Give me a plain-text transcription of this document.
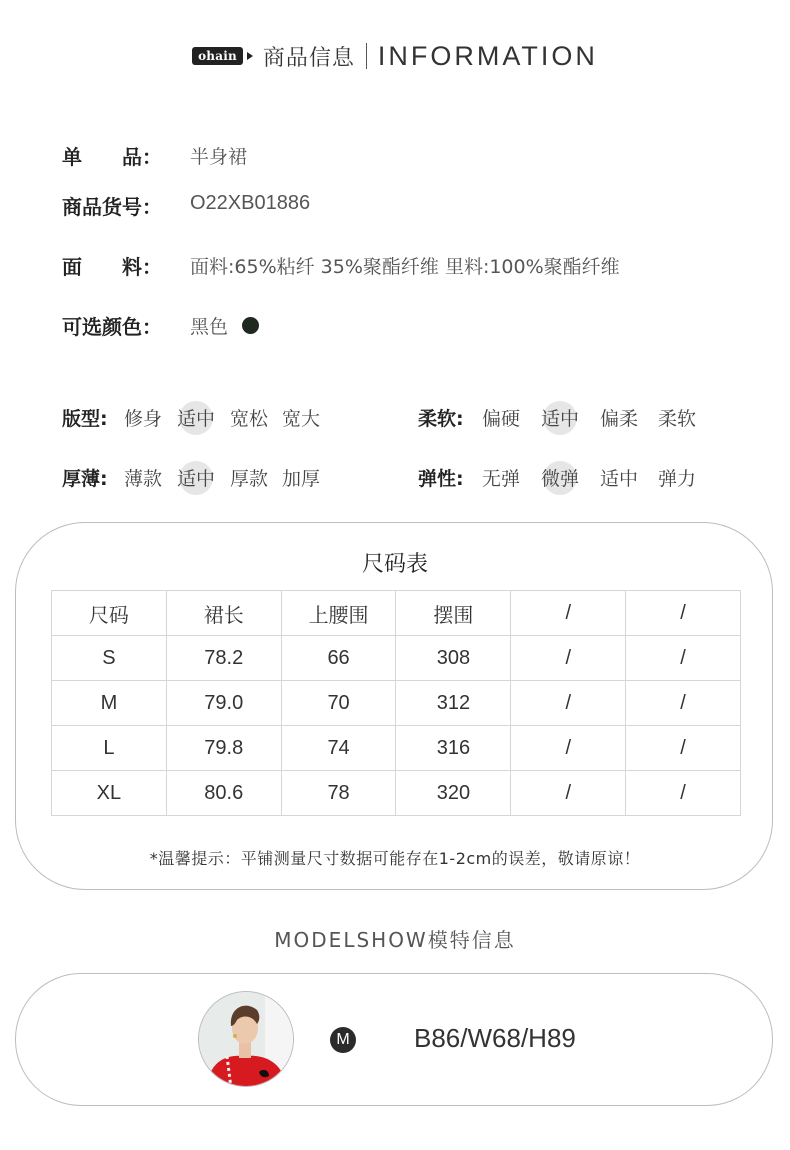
ohain 商品信息 INFORMATION
单 品： 半身裙
商品货号：	O22XB01886
面 料： 面料:65%粘纤 35%聚酯纤维 里料:100%聚酯纤维
可选颜色：	黑色
版型: 修身 适中 宽松 宽大	柔软: 偏硬 适中 偏柔 柔软
厚薄: 薄款 适中 厚款 加厚	弹性: 无弹 微弹 适中 弹力
尺码表
尺码	裙长	上腰围	摆围	/	/
S	78.2	66	308	/	/
M	79.0	70	312	/	/
L	79.8	74	316	/	/
XL	80.6	78	320	/	/
*温馨提示：平铺测量尺寸数据可能存在1-2cm的误差，敬请原谅！
MODELSHOW模特信息
M B86/W68/H89
